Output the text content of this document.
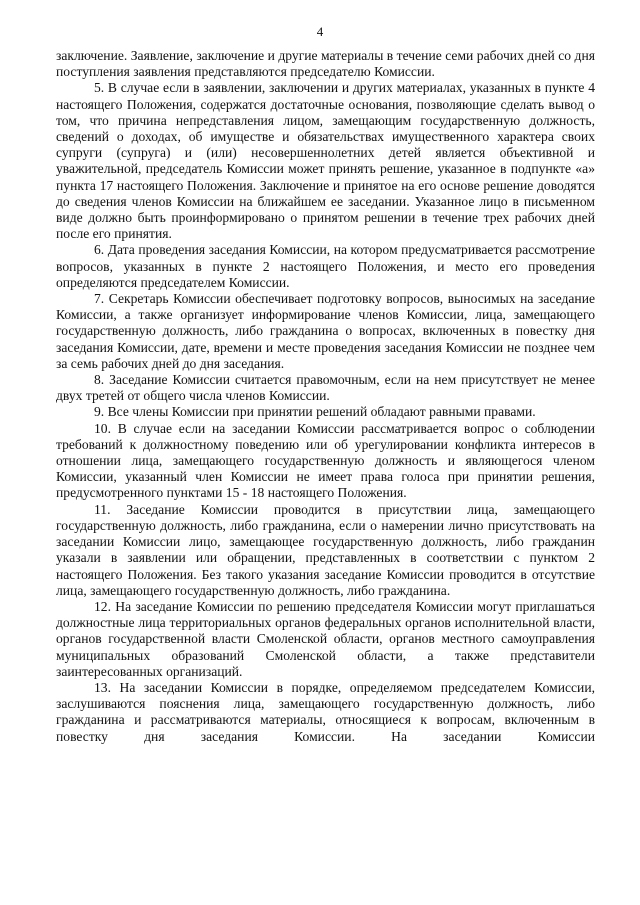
4

заключение. Заявление, заключение и другие материалы в течение семи рабочих дней со дня поступления заявления представляются председателю Комиссии.

5. В случае если в заявлении, заключении и других материалах, указанных в пункте 4 настоящего Положения, содержатся достаточные основания, позволяющие сделать вывод о том, что причина непредставления лицом, замещающим государственную должность, сведений о доходах, об имуществе и обязательствах имущественного характера своих супруги (супруга) и (или) несовершеннолетних детей является объективной и уважительной, председатель Комиссии может принять решение, указанное в подпункте «а» пункта 17 настоящего Положения. Заключение и принятое на его основе решение доводятся до сведения членов Комиссии на ближайшем ее заседании. Указанное лицо в письменном виде должно быть проинформировано о принятом решении в течение трех рабочих дней после его принятия.

6. Дата проведения заседания Комиссии, на котором предусматривается рассмотрение вопросов, указанных в пункте 2 настоящего Положения, и место его проведения определяются председателем Комиссии.

7. Секретарь Комиссии обеспечивает подготовку вопросов, выносимых на заседание Комиссии, а также организует информирование членов Комиссии, лица, замещающего государственную должность, либо гражданина о вопросах, включенных в повестку дня заседания Комиссии, дате, времени и месте проведения заседания Комиссии не позднее чем за семь рабочих дней до дня заседания.

8. Заседание Комиссии считается правомочным, если на нем присутствует не менее двух третей от общего числа членов Комиссии.

9. Все члены Комиссии при принятии решений обладают равными правами.

10. В случае если на заседании Комиссии рассматривается вопрос о соблюдении требований к должностному поведению или об урегулировании конфликта интересов в отношении лица, замещающего государственную должность и являющегося членом Комиссии, указанный член Комиссии не имеет права голоса при принятии решения, предусмотренного пунктами 15 - 18 настоящего Положения.

11. Заседание Комиссии проводится в присутствии лица, замещающего государственную должность, либо гражданина, если о намерении лично присутствовать на заседании Комиссии лицо, замещающее государственную должность, либо гражданин указали в заявлении или обращении, представленных в соответствии с пунктом 2 настоящего Положения. Без такого указания заседание Комиссии проводится в отсутствие лица, замещающего государственную должность, либо гражданина.

12. На заседание Комиссии по решению председателя Комиссии могут приглашаться должностные лица территориальных органов федеральных органов исполнительной власти, органов государственной власти Смоленской области, органов местного самоуправления муниципальных образований Смоленской области, а также представители заинтересованных организаций.

13. На заседании Комиссии в порядке, определяемом председателем Комиссии, заслушиваются пояснения лица, замещающего государственную должность, либо гражданина и рассматриваются материалы, относящиеся к вопросам, включенным в повестку дня заседания Комиссии. На заседании Комиссии
